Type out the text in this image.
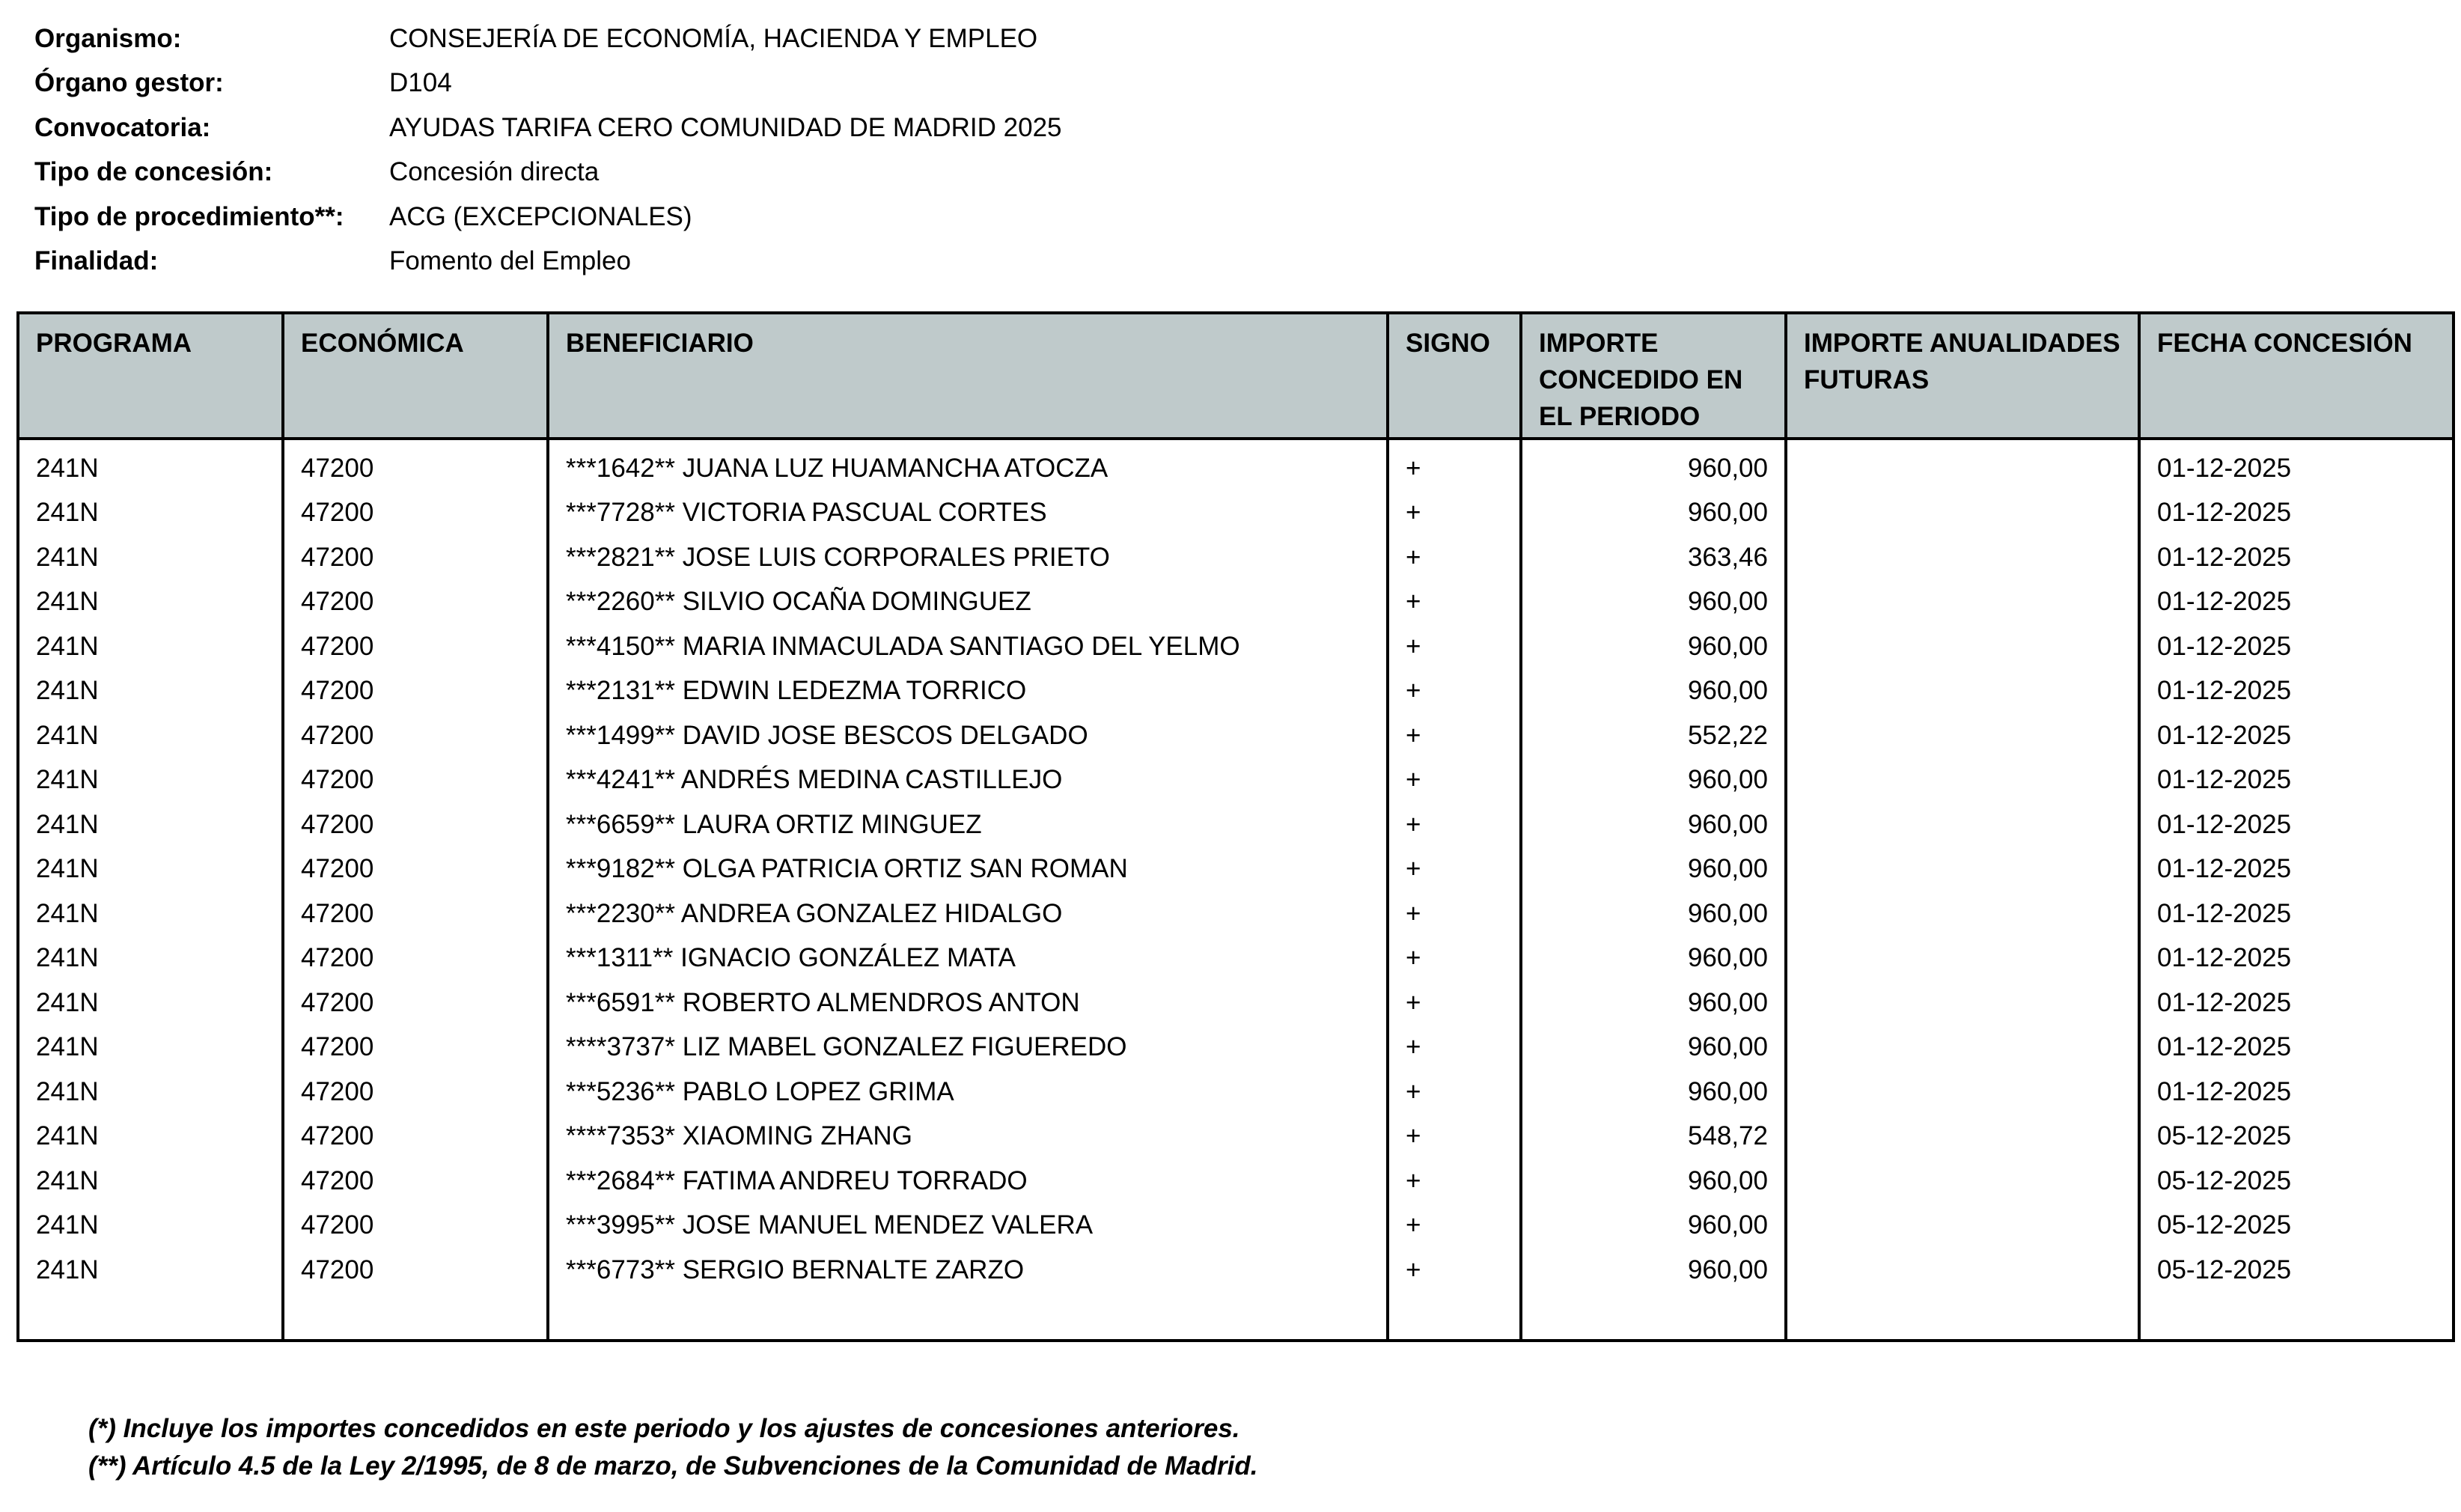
Organismo:	CONSEJERÍA DE ECONOMÍA, HACIENDA Y EMPLEO
Órgano gestor:	D104
Convocatoria:	AYUDAS TARIFA CERO COMUNIDAD DE MADRID 2025
Tipo de concesión:	Concesión directa
Tipo de procedimiento**:	ACG (EXCEPCIONALES)
Finalidad:	Fomento del Empleo
PROGRAMA	ECONÓMICA	BENEFICIARIO	SIGNO	IMPORTE CONCEDIDO EN EL PERIODO	IMPORTE ANUALIDADES FUTURAS	FECHA CONCESIÓN
241N	47200	***1642** JUANA LUZ HUAMANCHA ATOCZA	+	960,00		01-12-2025
241N	47200	***7728** VICTORIA PASCUAL CORTES	+	960,00		01-12-2025
241N	47200	***2821** JOSE LUIS CORPORALES PRIETO	+	363,46		01-12-2025
241N	47200	***2260** SILVIO OCAÑA DOMINGUEZ	+	960,00		01-12-2025
241N	47200	***4150** MARIA INMACULADA SANTIAGO DEL YELMO	+	960,00		01-12-2025
241N	47200	***2131** EDWIN LEDEZMA TORRICO	+	960,00		01-12-2025
241N	47200	***1499** DAVID JOSE BESCOS DELGADO	+	552,22		01-12-2025
241N	47200	***4241** ANDRÉS MEDINA CASTILLEJO	+	960,00		01-12-2025
241N	47200	***6659** LAURA ORTIZ MINGUEZ	+	960,00		01-12-2025
241N	47200	***9182** OLGA PATRICIA ORTIZ SAN ROMAN	+	960,00		01-12-2025
241N	47200	***2230** ANDREA GONZALEZ HIDALGO	+	960,00		01-12-2025
241N	47200	***1311** IGNACIO GONZÁLEZ MATA	+	960,00		01-12-2025
241N	47200	***6591** ROBERTO ALMENDROS ANTON	+	960,00		01-12-2025
241N	47200	****3737* LIZ MABEL GONZALEZ FIGUEREDO	+	960,00		01-12-2025
241N	47200	***5236** PABLO LOPEZ GRIMA	+	960,00		01-12-2025
241N	47200	****7353* XIAOMING ZHANG	+	548,72		05-12-2025
241N	47200	***2684** FATIMA ANDREU TORRADO	+	960,00		05-12-2025
241N	47200	***3995** JOSE MANUEL MENDEZ VALERA	+	960,00		05-12-2025
241N	47200	***6773** SERGIO BERNALTE ZARZO	+	960,00		05-12-2025

(*) Incluye los importes concedidos en este periodo y los ajustes de concesiones anteriores.
(**) Artículo 4.5 de la Ley 2/1995, de 8 de marzo, de Subvenciones de la Comunidad de Madrid.
